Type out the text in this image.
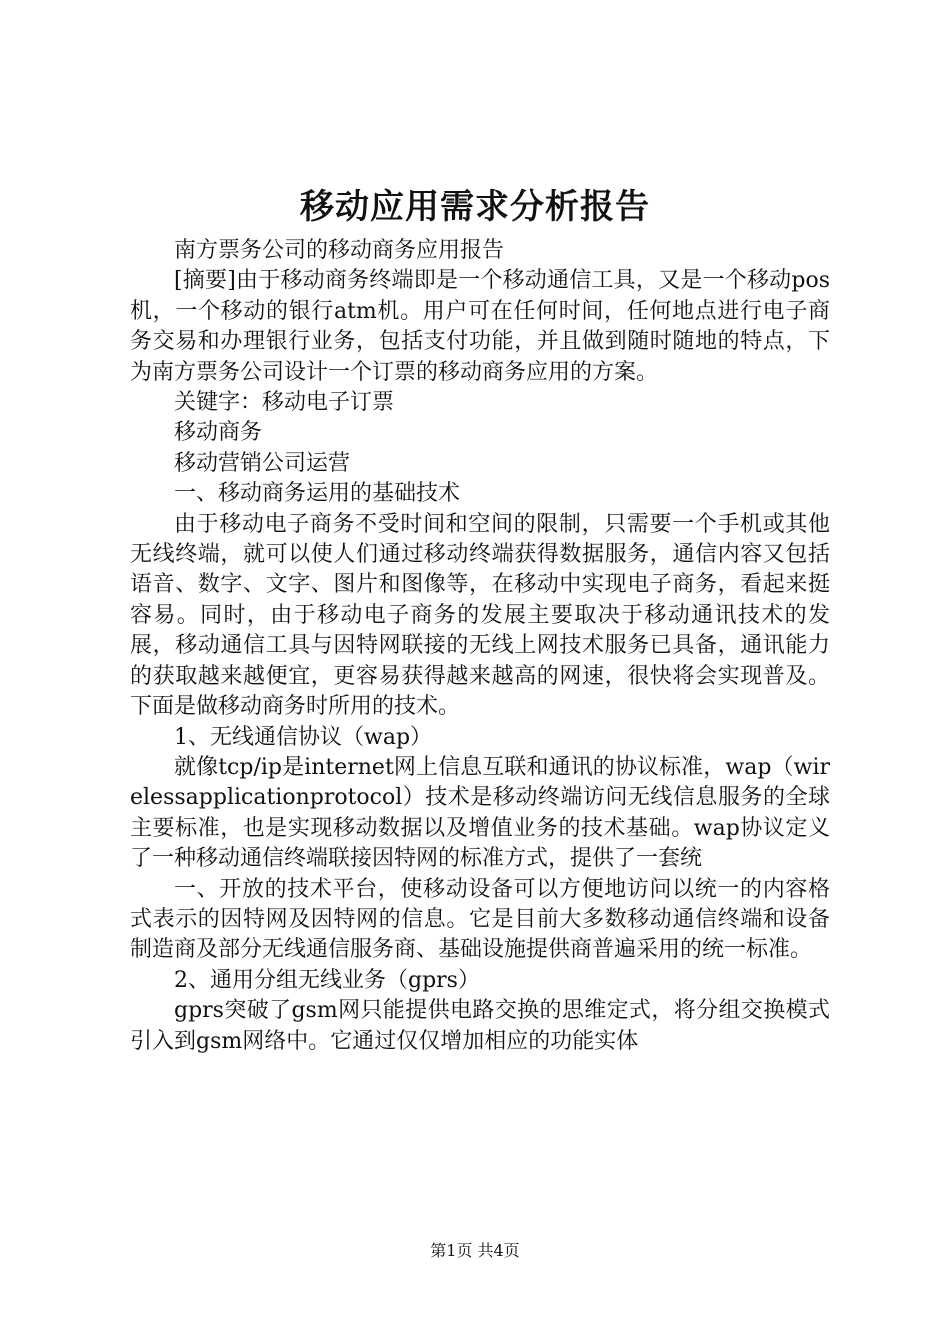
移动应用需求分析报告

南方票务公司的移动商务应用报告

[摘要]由于移动商务终端即是一个移动通信工具，又是一个移动pos机，一个移动的银行atm机。用户可在任何时间，任何地点进行电子商务交易和办理银行业务，包括支付功能，并且做到随时随地的特点，下为南方票务公司设计一个订票的移动商务应用的方案。

关键字：移动电子订票

移动商务

移动营销公司运营

一、移动商务运用的基础技术

由于移动电子商务不受时间和空间的限制，只需要一个手机或其他无线终端，就可以使人们通过移动终端获得数据服务，通信内容又包括语音、数字、文字、图片和图像等，在移动中实现电子商务，看起来挺容易。同时，由于移动电子商务的发展主要取决于移动通讯技术的发展，移动通信工具与因特网联接的无线上网技术服务已具备，通讯能力的获取越来越便宜，更容易获得越来越高的网速，很快将会实现普及。下面是做移动商务时所用的技术。

1、无线通信协议（wap）

就像tcp/ip是internet网上信息互联和通讯的协议标准，wap（wirelessapplicationprotocol）技术是移动终端访问无线信息服务的全球主要标准，也是实现移动数据以及增值业务的技术基础。wap协议定义了一种移动通信终端联接因特网的标准方式，提供了一套统

一、开放的技术平台，使移动设备可以方便地访问以统一的内容格式表示的因特网及因特网的信息。它是目前大多数移动通信终端和设备制造商及部分无线通信服务商、基础设施提供商普遍采用的统一标准。

2、通用分组无线业务（gprs）

gprs突破了gsm网只能提供电路交换的思维定式，将分组交换模式引入到gsm网络中。它通过仅仅增加相应的功能实体

第1页 共4页
